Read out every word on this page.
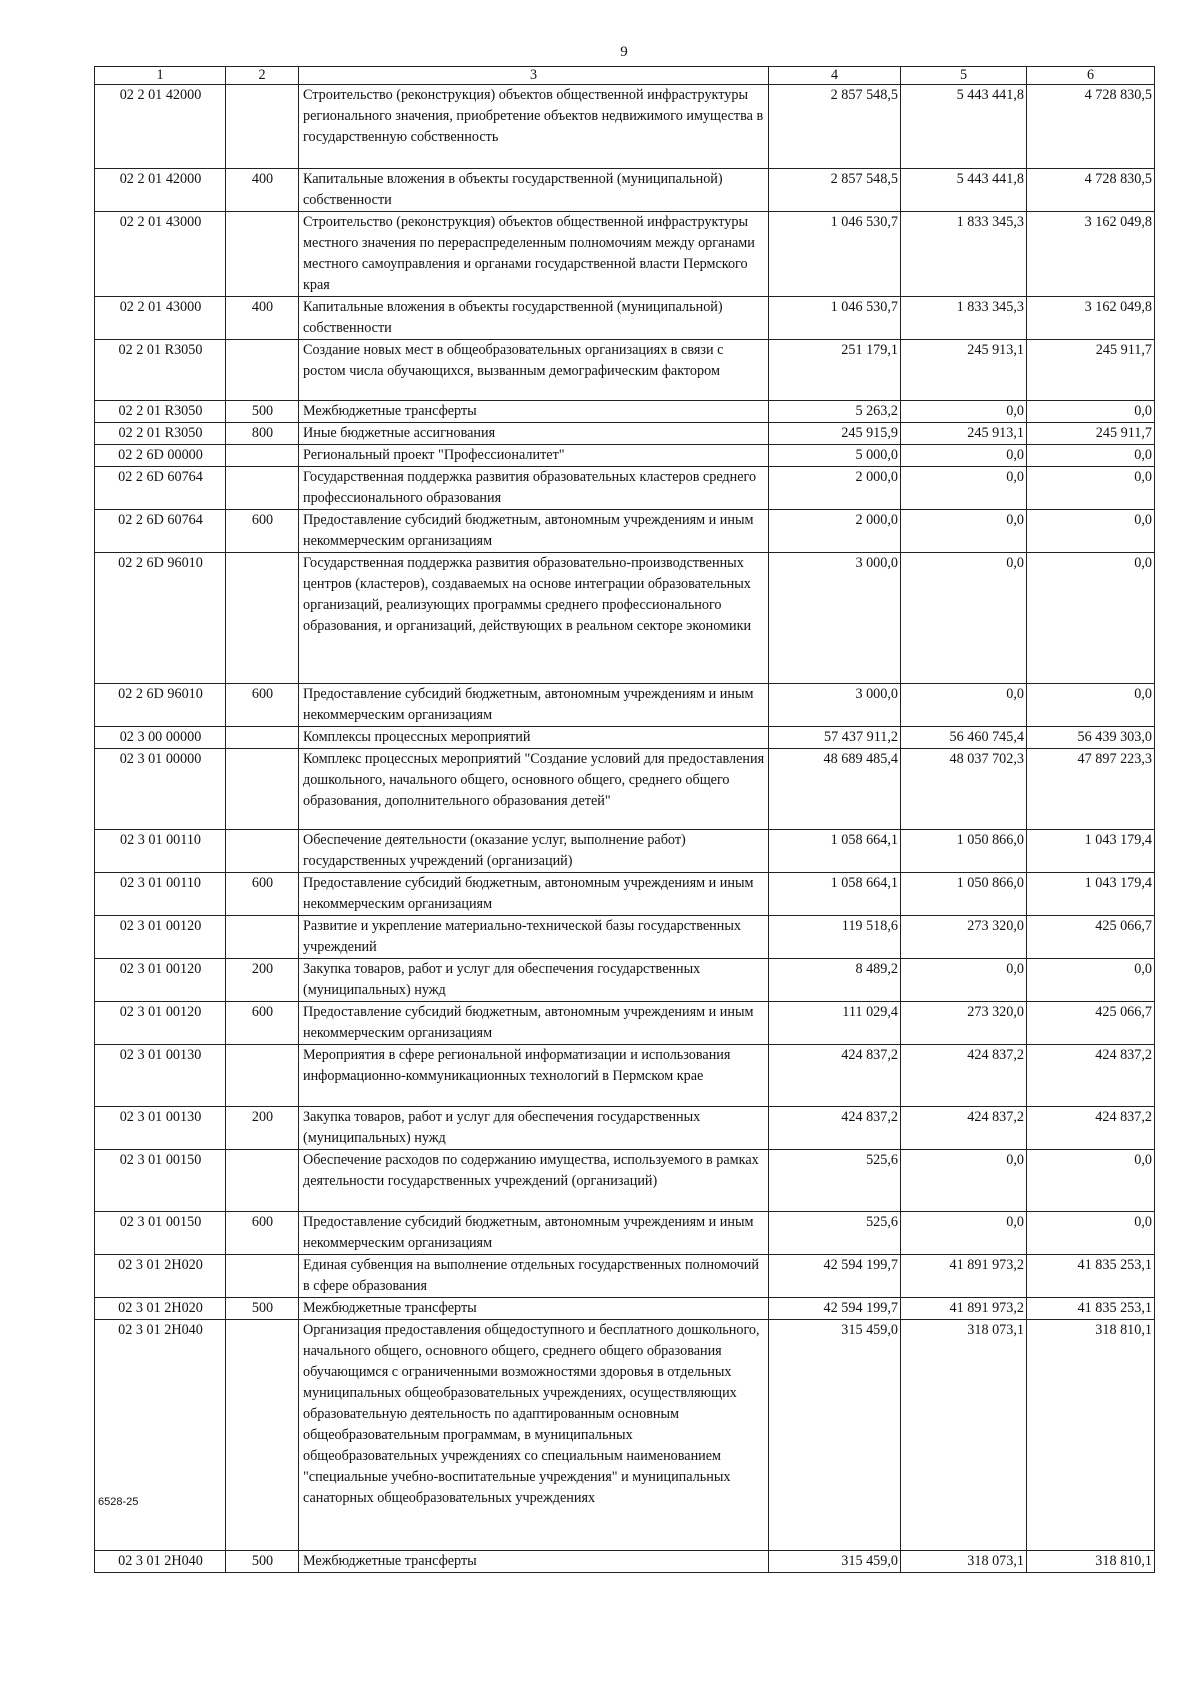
9
1	2	3	4	5	6
02 2 01 42000		Строительство (реконструкция) объектов общественной инфраструктуры регионального значения, приобретение объектов недвижимого имущества в государственную собственность	2 857 548,5	5 443 441,8	4 728 830,5
02 2 01 42000	400	Капитальные вложения в объекты государственной (муниципальной) собственности	2 857 548,5	5 443 441,8	4 728 830,5
02 2 01 43000		Строительство (реконструкция) объектов общественной инфраструктуры местного значения по перераспределенным полномочиям между органами местного самоуправления и органами государственной власти Пермского края	1 046 530,7	1 833 345,3	3 162 049,8
02 2 01 43000	400	Капитальные вложения в объекты государственной (муниципальной) собственности	1 046 530,7	1 833 345,3	3 162 049,8
02 2 01 R3050		Создание новых мест в общеобразовательных организациях в связи с ростом числа обучающихся, вызванным демографическим фактором	251 179,1	245 913,1	245 911,7
02 2 01 R3050	500	Межбюджетные трансферты	5 263,2	0,0	0,0
02 2 01 R3050	800	Иные бюджетные ассигнования	245 915,9	245 913,1	245 911,7
02 2 6D 00000		Региональный проект "Профессионалитет"	5 000,0	0,0	0,0
02 2 6D 60764		Государственная поддержка развития образовательных кластеров среднего профессионального образования	2 000,0	0,0	0,0
02 2 6D 60764	600	Предоставление субсидий бюджетным, автономным учреждениям и иным некоммерческим организациям	2 000,0	0,0	0,0
02 2 6D 96010		Государственная поддержка развития образовательно-производственных центров (кластеров), создаваемых на основе интеграции образовательных организаций, реализующих программы среднего профессионального образования, и организаций, действующих в реальном секторе экономики	3 000,0	0,0	0,0
02 2 6D 96010	600	Предоставление субсидий бюджетным, автономным учреждениям и иным некоммерческим организациям	3 000,0	0,0	0,0
02 3 00 00000		Комплексы процессных мероприятий	57 437 911,2	56 460 745,4	56 439 303,0
02 3 01 00000		Комплекс процессных мероприятий "Создание условий для предоставления дошкольного, начального общего, основного общего, среднего общего образования, дополнительного образования детей"	48 689 485,4	48 037 702,3	47 897 223,3
02 3 01 00110		Обеспечение деятельности (оказание услуг, выполнение работ) государственных учреждений (организаций)	1 058 664,1	1 050 866,0	1 043 179,4
02 3 01 00110	600	Предоставление субсидий бюджетным, автономным учреждениям и иным некоммерческим организациям	1 058 664,1	1 050 866,0	1 043 179,4
02 3 01 00120		Развитие и укрепление материально-технической базы государственных учреждений	119 518,6	273 320,0	425 066,7
02 3 01 00120	200	Закупка товаров, работ и услуг для обеспечения государственных (муниципальных) нужд	8 489,2	0,0	0,0
02 3 01 00120	600	Предоставление субсидий бюджетным, автономным учреждениям и иным некоммерческим организациям	111 029,4	273 320,0	425 066,7
02 3 01 00130		Мероприятия в сфере региональной информатизации и использования информационно-коммуникационных технологий в Пермском крае	424 837,2	424 837,2	424 837,2
02 3 01 00130	200	Закупка товаров, работ и услуг для обеспечения государственных (муниципальных) нужд	424 837,2	424 837,2	424 837,2
02 3 01 00150		Обеспечение расходов по содержанию имущества, используемого в рамках деятельности государственных учреждений (организаций)	525,6	0,0	0,0
02 3 01 00150	600	Предоставление субсидий бюджетным, автономным учреждениям и иным некоммерческим организациям	525,6	0,0	0,0
02 3 01 2Н020		Единая субвенция на выполнение отдельных государственных полномочий в сфере образования	42 594 199,7	41 891 973,2	41 835 253,1
02 3 01 2Н020	500	Межбюджетные трансферты	42 594 199,7	41 891 973,2	41 835 253,1
02 3 01 2Н040		Организация предоставления общедоступного и бесплатного дошкольного, начального общего, основного общего, среднего общего образования обучающимся с ограниченными возможностями здоровья в отдельных муниципальных общеобразовательных учреждениях, осуществляющих образовательную деятельность по адаптированным основным общеобразовательным программам, в муниципальных общеобразовательных учреждениях со специальным наименованием "специальные учебно-воспитательные учреждения" и муниципальных санаторных общеобразовательных учреждениях	315 459,0	318 073,1	318 810,1
02 3 01 2Н040	500	Межбюджетные трансферты	315 459,0	318 073,1	318 810,1
6528-25
